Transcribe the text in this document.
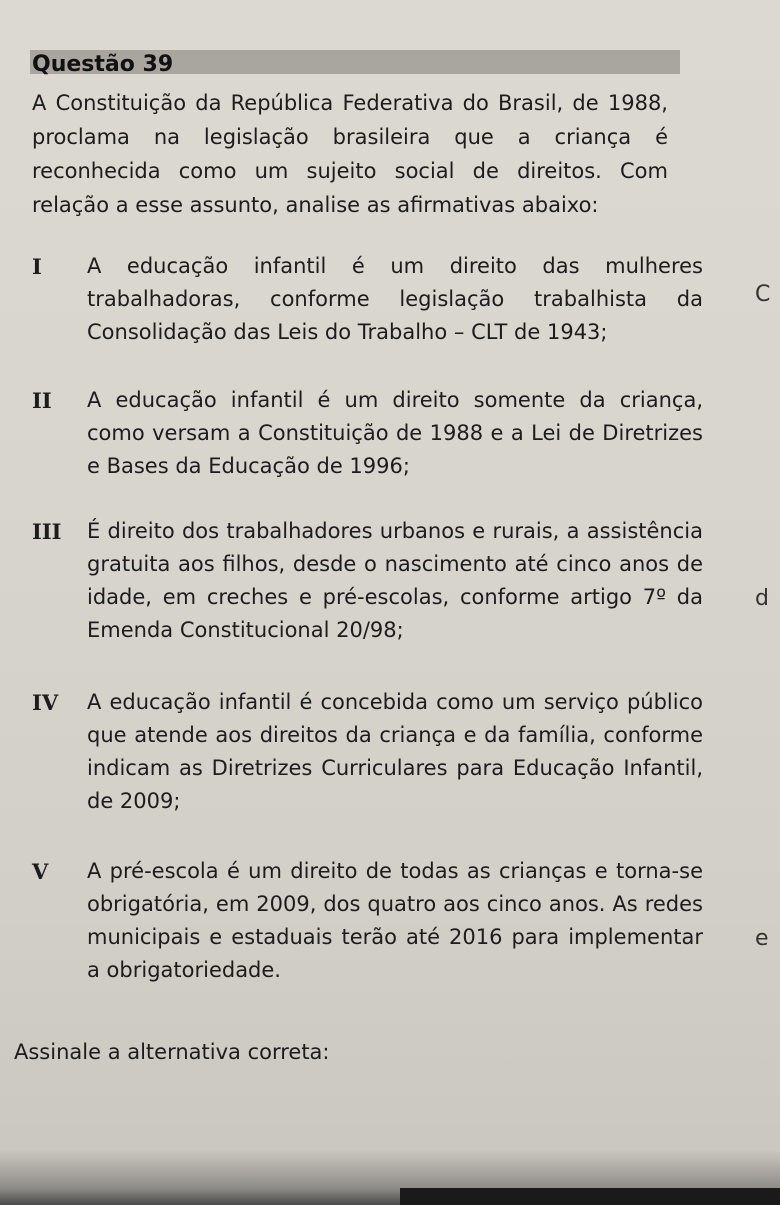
Questão 39
A Constituição da República Federativa do Brasil, de 1988, proclama na legislação brasileira que a criança é reconhecida como um sujeito social de direitos. Com relação a esse assunto, analise as afirmativas abaixo:
I A educação infantil é um direito das mulheres trabalhadoras, conforme legislação trabalhista da Consolidação das Leis do Trabalho – CLT de 1943;
II A educação infantil é um direito somente da criança, como versam a Constituição de 1988 e a Lei de Diretrizes e Bases da Educação de 1996;
III É direito dos trabalhadores urbanos e rurais, a assistência gratuita aos filhos, desde o nascimento até cinco anos de idade, em creches e pré-escolas, conforme artigo 7º da Emenda Constitucional 20/98;
IV A educação infantil é concebida como um serviço público que atende aos direitos da criança e da família, conforme indicam as Diretrizes Curriculares para Educação Infantil, de 2009;
V A pré-escola é um direito de todas as crianças e torna-se obrigatória, em 2009, dos quatro aos cinco anos. As redes municipais e estaduais terão até 2016 para implementar a obrigatoriedade.
Assinale a alternativa correta:
C
d
e
